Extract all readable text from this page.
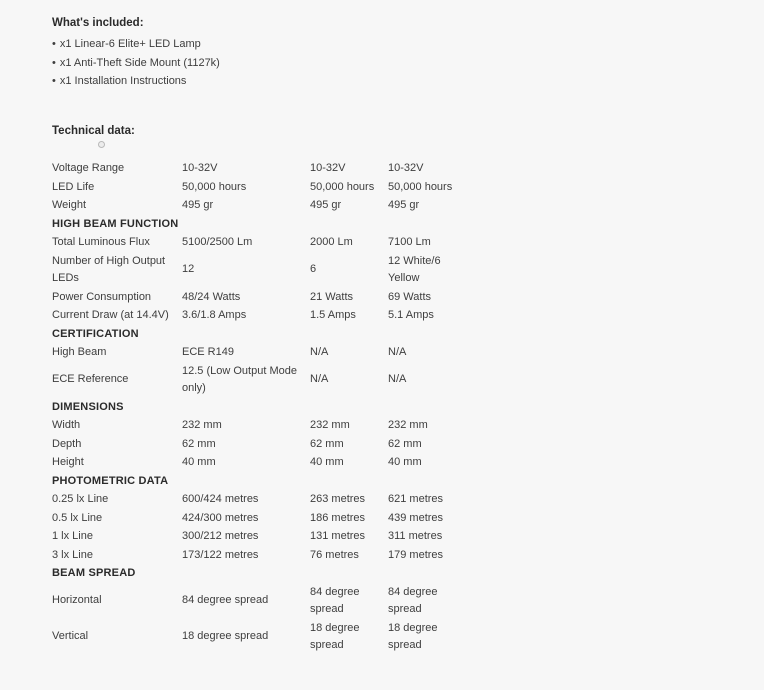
What's included:

• x1 Linear-6 Elite+ LED Lamp
• x1 Anti-Theft Side Mount (1127k)
• x1 Installation Instructions

Technical data:

Voltage Range	10-32V	10-32V	10-32V
LED Life	50,000 hours	50,000 hours	50,000 hours
Weight	495 gr	495 gr	495 gr
HIGH BEAM FUNCTION			
Total Luminous Flux	5100/2500 Lm	2000 Lm	7100 Lm
Number of High Output LEDs	12	6	12 White/6 Yellow
Power Consumption	48/24 Watts	21 Watts	69 Watts
Current Draw (at 14.4V)	3.6/1.8 Amps	1.5 Amps	5.1 Amps
CERTIFICATION			
High Beam	ECE R149	N/A	N/A
ECE Reference	12.5 (Low Output Mode only)	N/A	N/A
DIMENSIONS			
Width	232 mm	232 mm	232 mm
Depth	62 mm	62 mm	62 mm
Height	40 mm	40 mm	40 mm
PHOTOMETRIC DATA			
0.25 lx Line	600/424 metres	263 metres	621 metres
0.5 lx Line	424/300 metres	186 metres	439 metres
1 lx Line	300/212 metres	131 metres	311 metres
3 lx Line	173/122 metres	76 metres	179 metres
BEAM SPREAD			
Horizontal	84 degree spread	84 degree spread	84 degree spread
Vertical	18 degree spread	18 degree spread	18 degree spread
